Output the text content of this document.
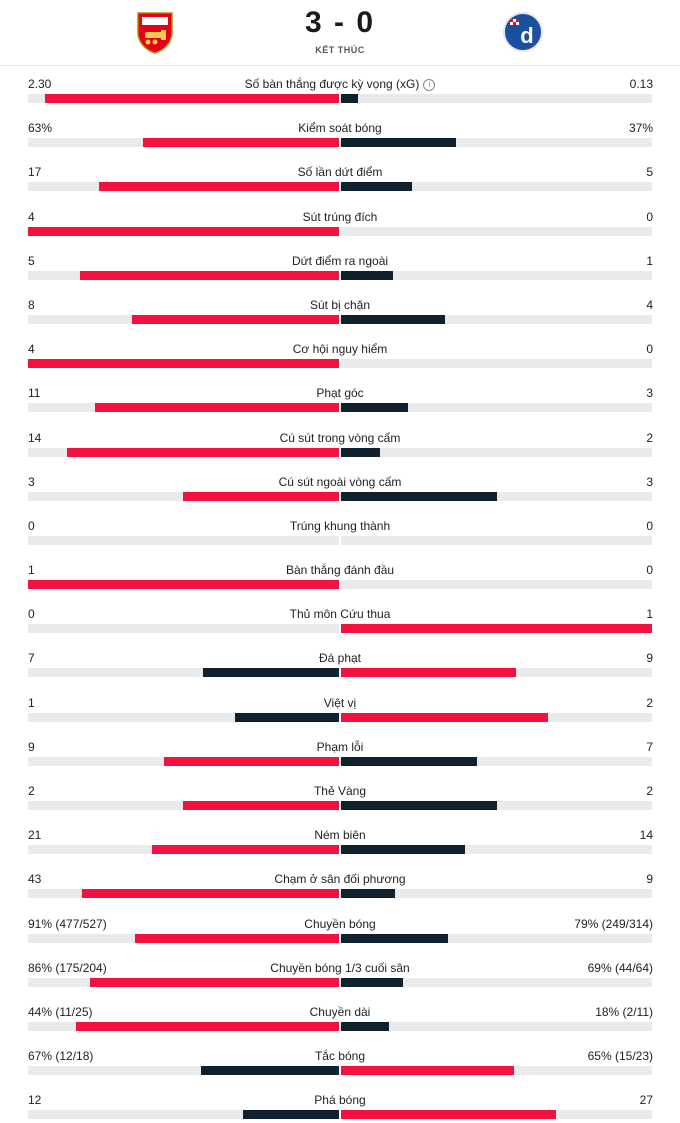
3 - 0
KẾT THÚC
d
2.30	Số bàn thắng được kỳ vọng (xG) i	0.13
63%	Kiểm soát bóng	37%
17	Số lần dứt điểm	5
4	Sút trúng đích	0
5	Dứt điểm ra ngoài	1
8	Sút bị chặn	4
4	Cơ hội nguy hiểm	0
11	Phạt góc	3
14	Cú sút trong vòng cấm	2
3	Cú sút ngoài vòng cấm	3
0	Trúng khung thành	0
1	Bàn thắng đánh đầu	0
0	Thủ môn Cứu thua	1
7	Đá phạt	9
1	Việt vị	2
9	Phạm lỗi	7
2	Thẻ Vàng	2
21	Ném biên	14
43	Chạm ở sân đối phương	9
91% (477/527)	Chuyền bóng	79% (249/314)
86% (175/204)	Chuyền bóng 1/3 cuối sân	69% (44/64)
44% (11/25)	Chuyền dài	18% (2/11)
67% (12/18)	Tắc bóng	65% (15/23)
12	Phá bóng	27
